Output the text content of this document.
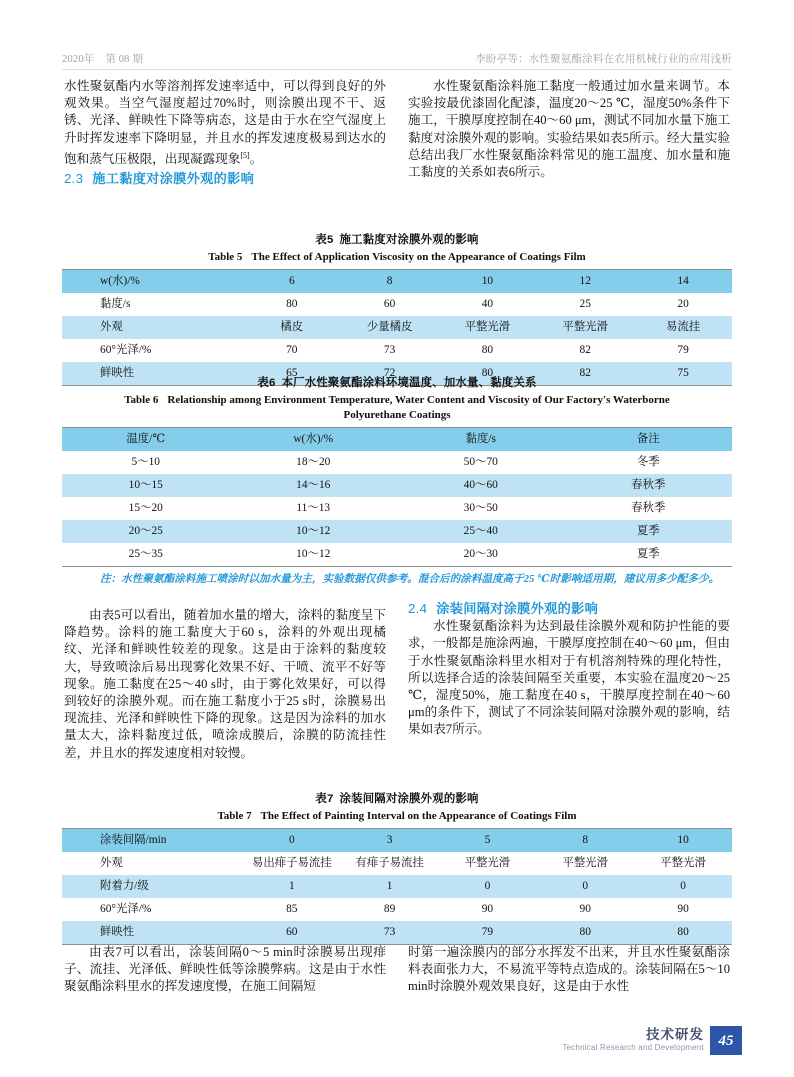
2020年　第 08 期	李盼亭等：水性聚氨酯涂料在农用机械行业的应用浅析

水性聚氨酯内水等溶剂挥发速率适中，可以得到良好的外观效果。当空气湿度超过70%时，则涂膜出现不干、返锈、光泽、鲜映性下降等病态，这是由于水在空气湿度上升时挥发速率下降明显，并且水的挥发速度极易到达水的饱和蒸气压极限，出现凝露现象[5]。

2.3 施工黏度对涂膜外观的影响

水性聚氨酯涂料施工黏度一般通过加水量来调节。本实验按最优漆固化配漆，温度20～25 ℃，湿度50%条件下施工，干膜厚度控制在40～60 μm，测试不同加水量下施工黏度对涂膜外观的影响。实验结果如表5所示。经大量实验总结出我厂水性聚氨酯涂料常见的施工温度、加水量和施工黏度的关系如表6所示。

表5 施工黏度对涂膜外观的影响

Table 5 The Effect of Application Viscosity on the Appearance of Coatings Film

w(水)/%	6	8	10	12	14
黏度/s	80	60	40	25	20
外观	橘皮	少量橘皮	平整光滑	平整光滑	易流挂
60°光泽/%	70	73	80	82	79
鲜映性	65	72	80	82	75

表6 本厂水性聚氨酯涂料环境温度、加水量、黏度关系

Table 6 Relationship among Environment Temperature, Water Content and Viscosity of Our Factory′s Waterborne
Polyurethane Coatings

温度/℃	w(水)/%	黏度/s	备注
5～10	18～20	50～70	冬季
10～15	14～16	40～60	春秋季
15～20	11～13	30～50	春秋季
20～25	10～12	25～40	夏季
25～35	10～12	20～30	夏季

注：水性聚氨酯涂料施工喷涂时以加水量为主，实验数据仅供参考。混合后的涂料温度高于25 ℃时影响适用期，建议用多少配多少。

由表5可以看出，随着加水量的增大，涂料的黏度呈下降趋势。涂料的施工黏度大于60 s，涂料的外观出现橘纹、光泽和鲜映性较差的现象。这是由于涂料的黏度较大，导致喷涂后易出现雾化效果不好、干喷、流平不好等现象。施工黏度在25～40 s时，由于雾化效果好，可以得到较好的涂膜外观。而在施工黏度小于25 s时，涂膜易出现流挂、光泽和鲜映性下降的现象。这是因为涂料的加水量太大，涂料黏度过低，喷涂成膜后，涂膜的防流挂性差，并且水的挥发速度相对较慢。

2.4 涂装间隔对涂膜外观的影响

水性聚氨酯涂料为达到最佳涂膜外观和防护性能的要求，一般都是施涂两遍，干膜厚度控制在40～60 μm，但由于水性聚氨酯涂料里水相对于有机溶剂特殊的理化特性，所以选择合适的涂装间隔至关重要，本实验在温度20～25 ℃，湿度50%，施工黏度在40 s，干膜厚度控制在40～60 μm的条件下，测试了不同涂装间隔对涂膜外观的影响，结果如表7所示。

表7 涂装间隔对涂膜外观的影响

Table 7 The Effect of Painting Interval on the Appearance of Coatings Film

涂装间隔/min	0	3	5	8	10
外观	易出痱子易流挂	有痱子易流挂	平整光滑	平整光滑	平整光滑
附着力/级	1	1	0	0	0
60°光泽/%	85	89	90	90	90
鲜映性	60	73	79	80	80

由表7可以看出，涂装间隔0～5 min时涂膜易出现痱子、流挂、光泽低、鲜映性低等涂膜弊病。这是由于水性聚氨酯涂料里水的挥发速度慢，在施工间隔短

时第一遍涂膜内的部分水挥发不出来，并且水性聚氨酯涂料表面张力大，不易流平等特点造成的。涂装间隔在5～10 min时涂膜外观效果良好，这是由于水性

技术研发
Technical Research and Development 45
